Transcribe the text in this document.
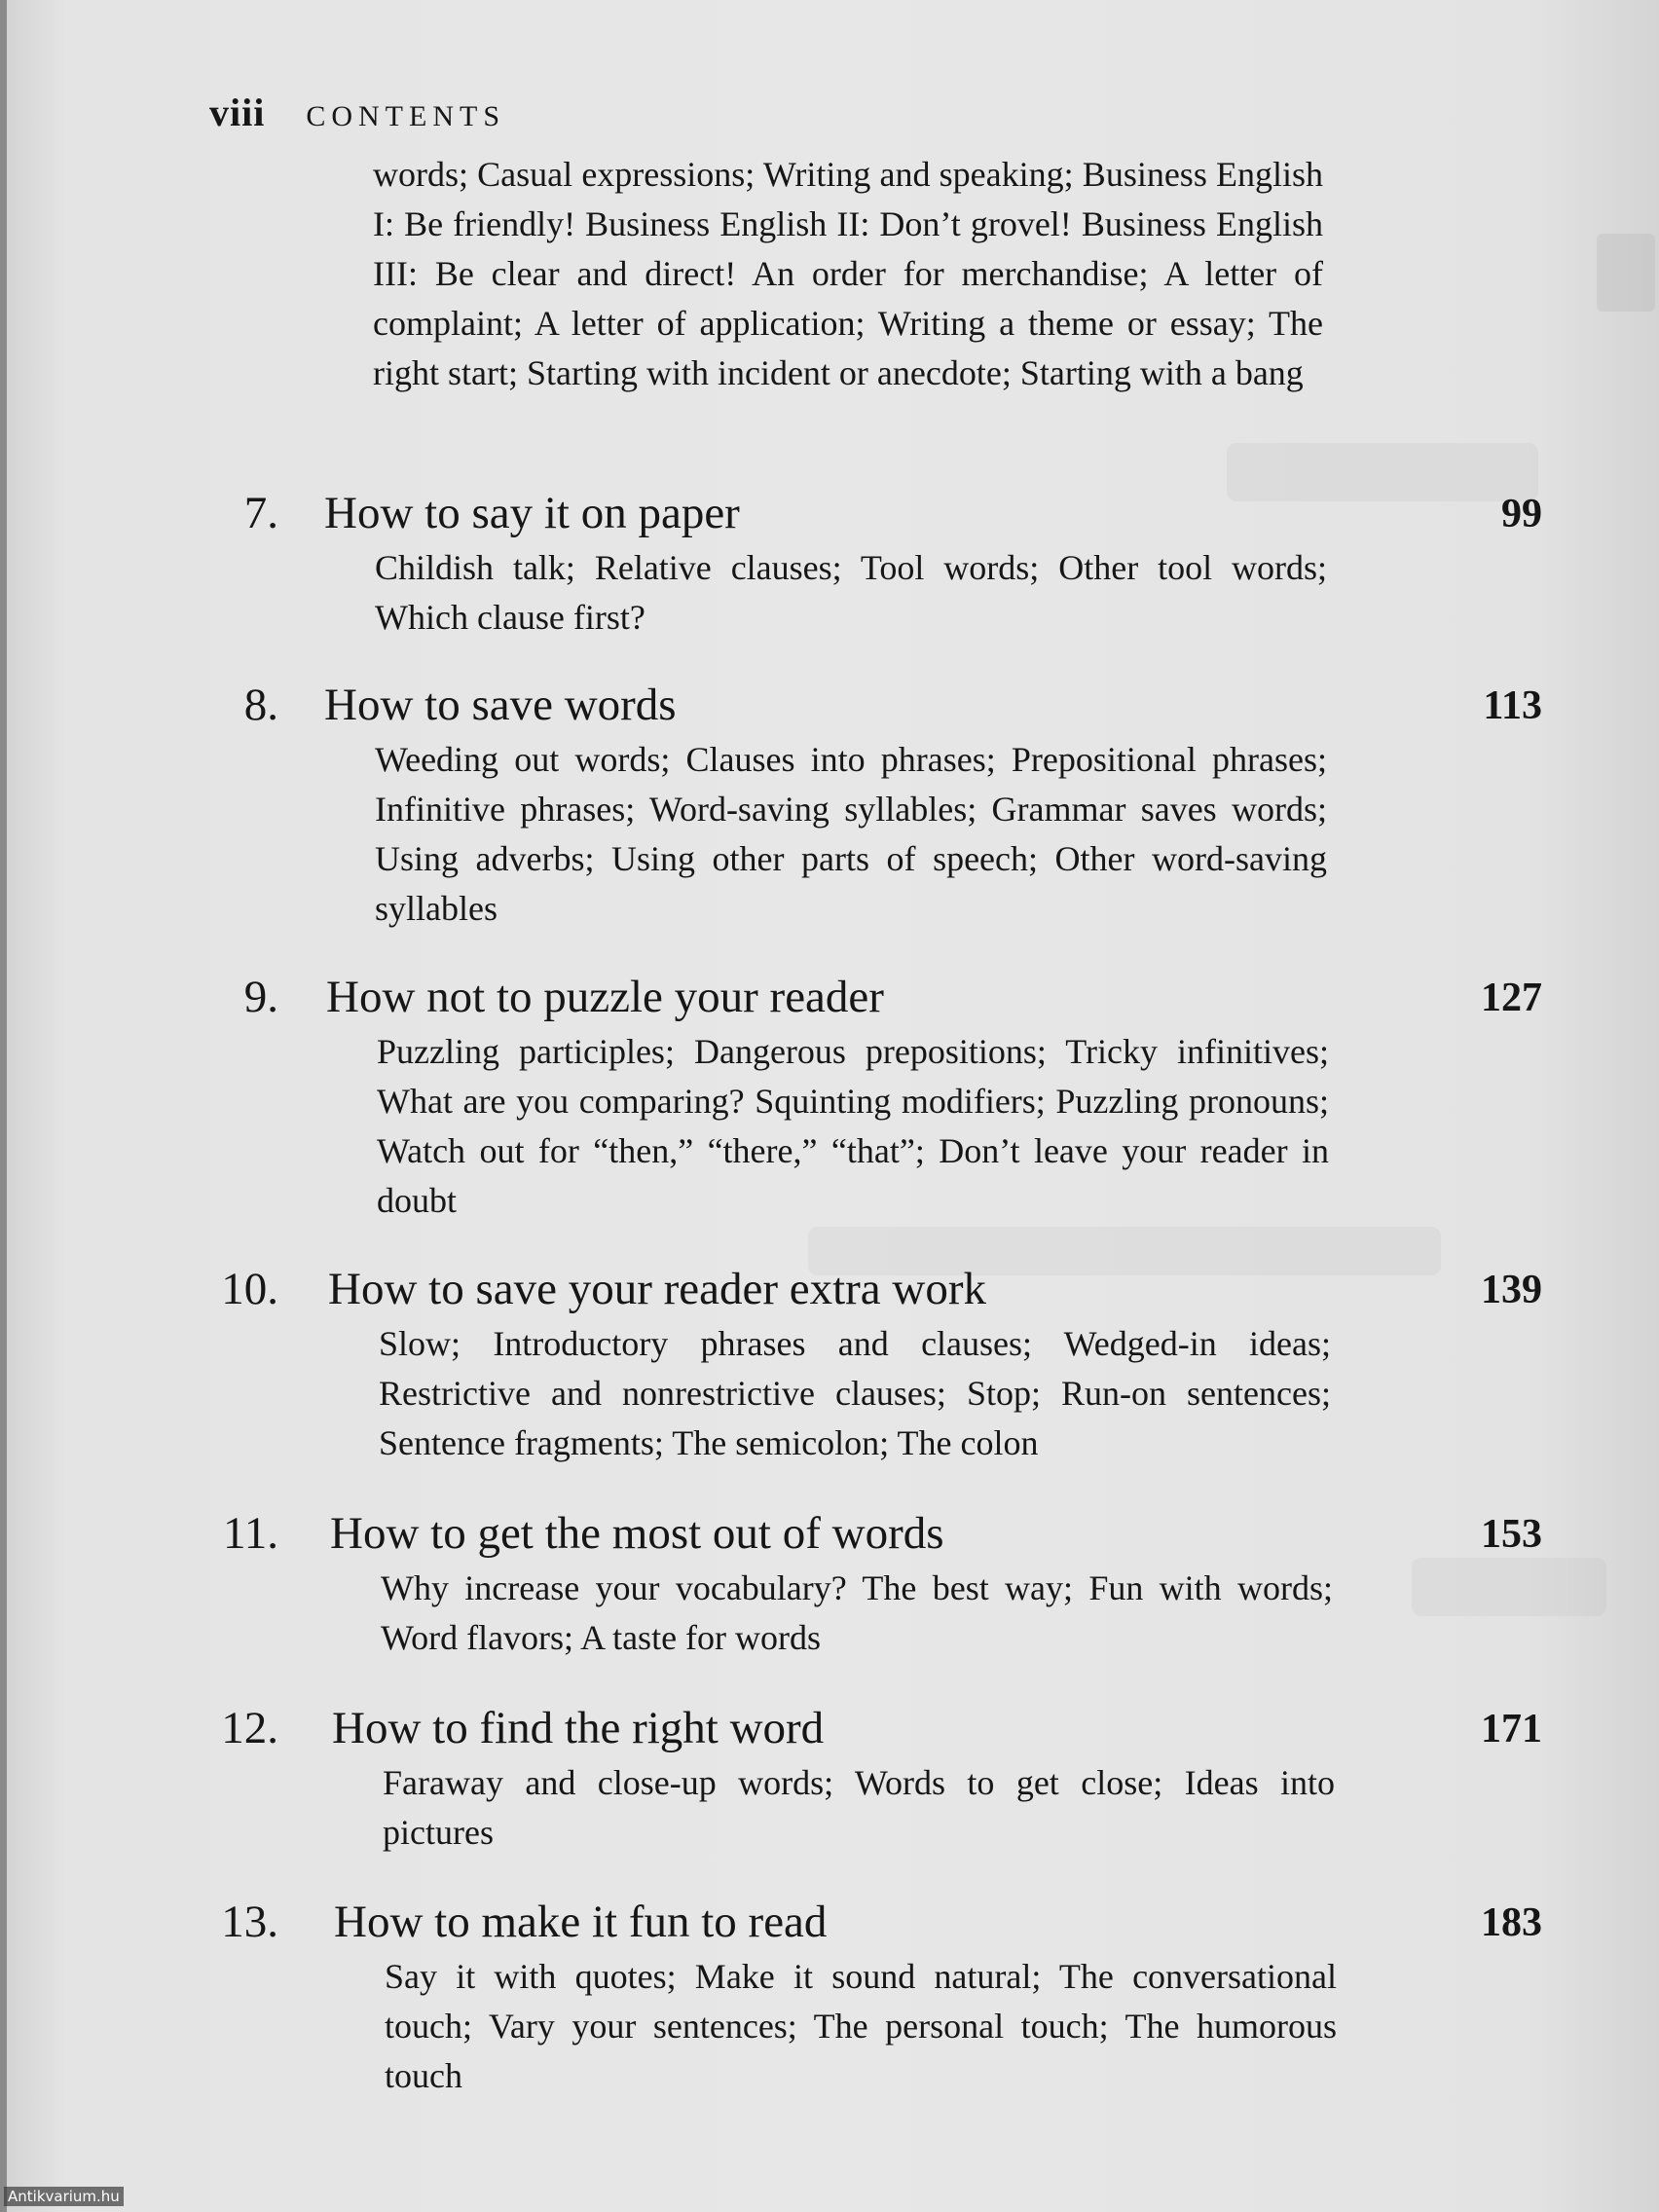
viii CONTENTS
words; Casual expressions; Writing and speaking; Business English I: Be friendly! Business English II: Don’t grovel! Business English III: Be clear and direct! An order for merchandise; A letter of complaint; A letter of application; Writing a theme or essay; The right start; Starting with incident or anecdote; Starting with a bang
7. How to say it on paper	99
Childish talk; Relative clauses; Tool words; Other tool words; Which clause first?
8. How to save words	113
Weeding out words; Clauses into phrases; Prepositional phrases; Infinitive phrases; Word-saving syllables; Grammar saves words; Using adverbs; Using other parts of speech; Other word-saving syllables
9. How not to puzzle your reader	127
Puzzling participles; Dangerous prepositions; Tricky infinitives; What are you comparing? Squinting modifiers; Puzzling pronouns; Watch out for “then,” “there,” “that”; Don’t leave your reader in doubt
10. How to save your reader extra work	139
Slow; Introductory phrases and clauses; Wedged-in ideas; Restrictive and nonrestrictive clauses; Stop; Run-on sentences; Sentence fragments; The semicolon; The colon
11. How to get the most out of words	153
Why increase your vocabulary? The best way; Fun with words; Word flavors; A taste for words
12. How to find the right word	171
Faraway and close-up words; Words to get close; Ideas into pictures
13. How to make it fun to read	183
Say it with quotes; Make it sound natural; The conversational touch; Vary your sentences; The personal touch; The humorous touch
Antikvarium.hu
